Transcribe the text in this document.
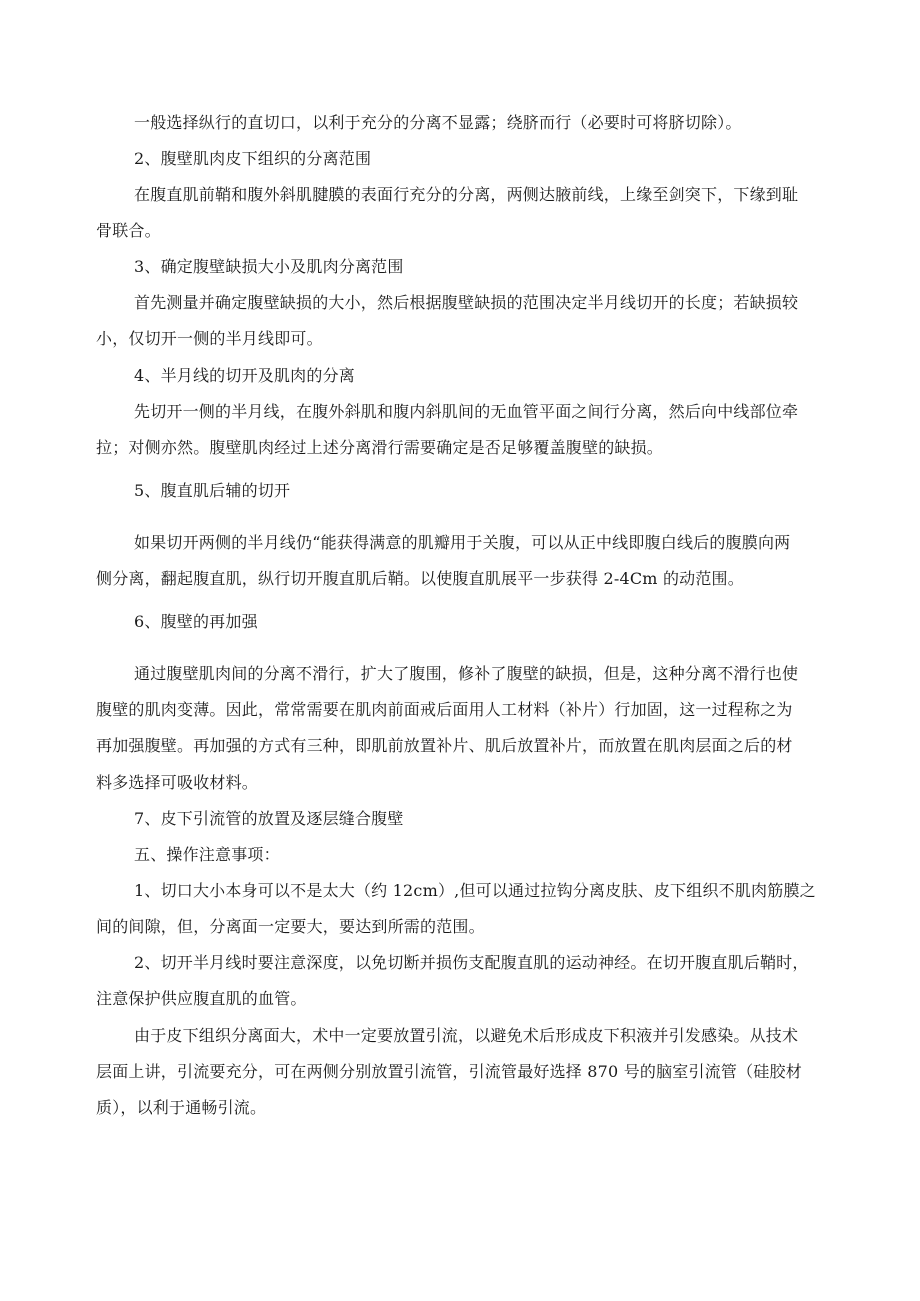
一般选择纵行的直切口，以利于充分的分离不显露；绕脐而行（必要时可将脐切除）。
2、腹壁肌肉皮下组织的分离范围
在腹直肌前鞘和腹外斜肌腱膜的表面行充分的分离，两侧达腋前线，上缘至剑突下，下缘到耻
骨联合。
3、确定腹壁缺损大小及肌肉分离范围
首先测量并确定腹壁缺损的大小，然后根据腹壁缺损的范围决定半月线切开的长度；若缺损较
小，仅切开一侧的半月线即可。
4、半月线的切开及肌肉的分离
先切开一侧的半月线，在腹外斜肌和腹内斜肌间的无血管平面之间行分离，然后向中线部位牵
拉；对侧亦然。腹壁肌肉经过上述分离滑行需要确定是否足够覆盖腹壁的缺损。
5、腹直肌后辅的切开
如果切开两侧的半月线仍“能获得满意的肌瓣用于关腹，可以从正中线即腹白线后的腹膜向两
侧分离，翻起腹直肌，纵行切开腹直肌后鞘。以使腹直肌展平一步获得 2-4Cm 的动范围。
6、腹壁的再加强
通过腹壁肌肉间的分离不滑行，扩大了腹围，修补了腹壁的缺损，但是，这种分离不滑行也使
腹壁的肌肉变薄。因此，常常需要在肌肉前面戒后面用人工材料（补片）行加固，这一过程称之为
再加强腹壁。再加强的方式有三种，即肌前放置补片、肌后放置补片，而放置在肌肉层面之后的材
料多选择可吸收材料。
7、皮下引流管的放置及逐层缝合腹壁
五、操作注意事项：
1、切口大小本身可以不是太大（约 12cm）,但可以通过拉钩分离皮肤、皮下组织不肌肉筋膜之
间的间隙，但，分离面一定要大，要达到所需的范围。
2、切开半月线时要注意深度，以免切断并损伤支配腹直肌的运动神经。在切开腹直肌后鞘时，
注意保护供应腹直肌的血管。
由于皮下组织分离面大，术中一定要放置引流，以避免术后形成皮下积液并引发感染。从技术
层面上讲，引流要充分，可在两侧分别放置引流管，引流管最好选择 870 号的脑室引流管（硅胶材
质），以利于通畅引流。
